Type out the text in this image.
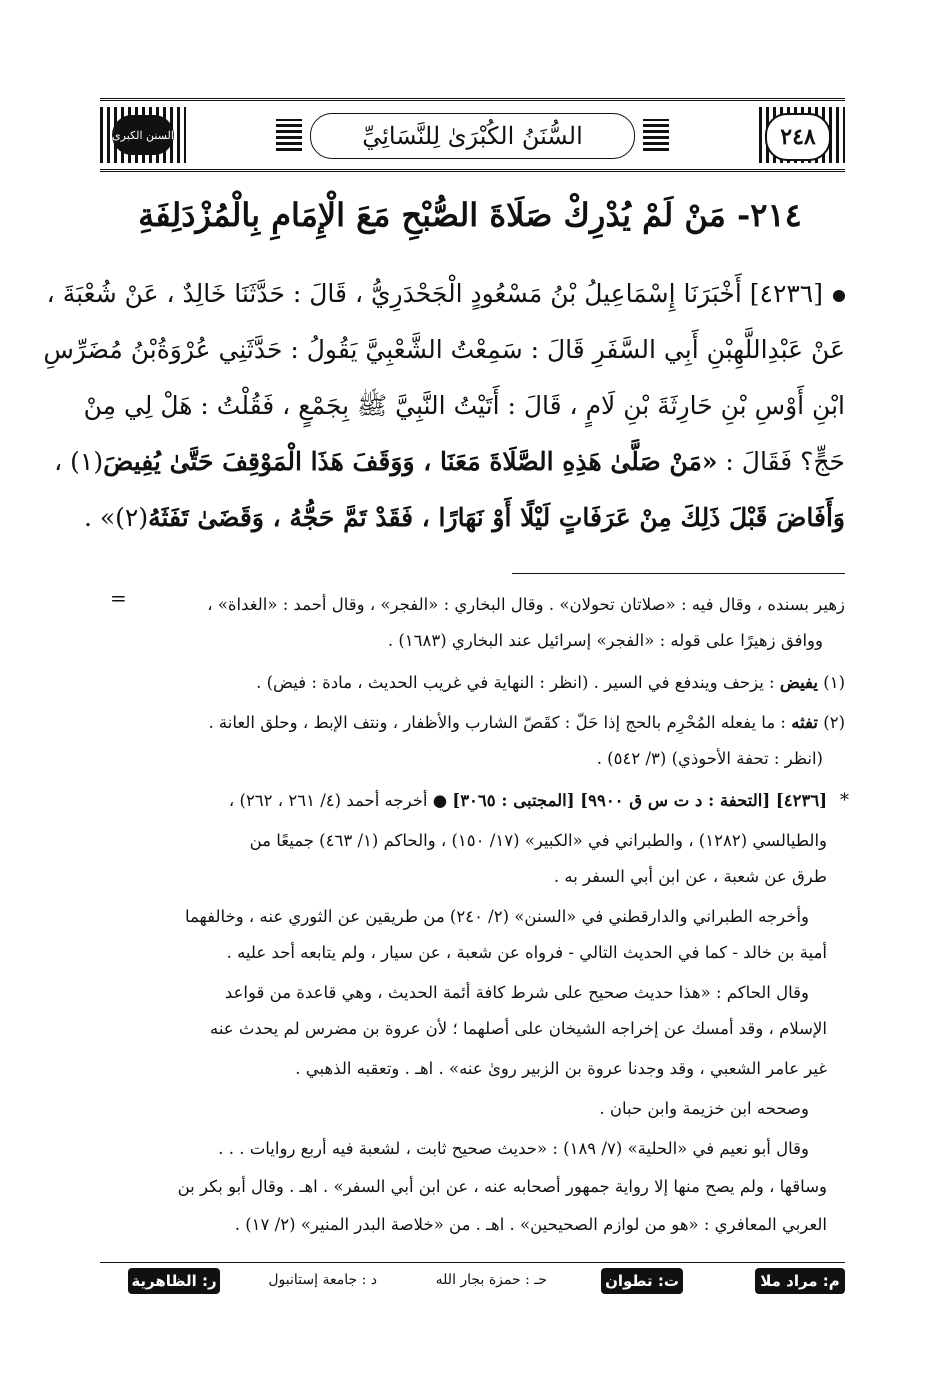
السنن الكبرى	٢٤٨
السُّنَنُ الكُبْرَىٰ لِلنَّسَائِيِّ
٢١٤- مَنْ لَمْ يُدْرِكْ صَلَاةَ الصُّبْحِ مَعَ الْإِمَامِ بِالْمُزْدَلِفَةِ
[٤٢٣٦] أَخْبَرَنَا إِسْمَاعِيلُ بْنُ مَسْعُودٍ الْجَحْدَرِيُّ ، قَالَ : حَدَّثَنَا خَالِدٌ ، عَنْ شُعْبَةَ ،
عَنْ عَبْدِاللَّهِبْنِ أَبِي السَّفَرِ قَالَ : سَمِعْتُ الشَّعْبِيَّ يَقُولُ : حَدَّثَنِي عُرْوَةُبْنُ مُضَرِّسِ
ابْنِ أَوْسِ بْنِ حَارِثَةَ بْنِ لَامٍ ، قَالَ : أَتَيْتُ النَّبِيَّ ﷺ بِجَمْعٍ ، فَقُلْتُ : هَلْ لِي مِنْ
حَجٍّ؟ فَقَالَ : «مَنْ صَلَّىٰ هَذِهِ الصَّلَاةَ مَعَنَا ، وَوَقَفَ هَذَا الْمَوْقِفَ حَتَّىٰ يُفِيضَ(١) ،
وَأَفَاضَ قَبْلَ ذَلِكَ مِنْ عَرَفَاتٍ لَيْلًا أَوْ نَهَارًا ، فَقَدْ تَمَّ حَجُّهُ ، وَقَضَىٰ تَفَثَهُ(٢)» .
=	زهير بسنده ، وقال فيه : «صلاتان تحولان» . وقال البخاري : «الفجر» ، وقال أحمد : «الغداة» ،
ووافق زهيرًا على قوله : «الفجر» إسرائيل عند البخاري (١٦٨٣) .
(١) يفيض : يزحف ويندفع في السير . (انظر : النهاية في غريب الحديث ، مادة : فيض) .
(٢) تفثه : ما يفعله المُحْرِم بالحج إذا حَلّ : كقَصّ الشارب والأظفار ، ونتف الإبط ، وحلق العانة .
(انظر : تحفة الأحوذي) (٣/ ٥٤٢) .
*
[٤٢٣٦] [التحفة : د ت س ق ٩٩٠٠] [المجتبى : ٣٠٦٥] ● أخرجه أحمد (٤/ ٢٦١ ، ٢٦٢) ،
والطيالسي (١٢٨٢) ، والطبراني في «الكبير» (١٧/ ١٥٠) ، والحاكم (١/ ٤٦٣) جميعًا من
طرق عن شعبة ، عن ابن أبي السفر به .
وأخرجه الطبراني والدارقطني في «السنن» (٢/ ٢٤٠) من طريقين عن الثوري عنه ، وخالفهما
أمية بن خالد - كما في الحديث التالي - فرواه عن شعبة ، عن سيار ، ولم يتابعه أحد عليه .
وقال الحاكم : «هذا حديث صحيح على شرط كافة أئمة الحديث ، وهي قاعدة من قواعد
الإسلام ، وقد أمسك عن إخراجه الشيخان على أصلهما ؛ لأن عروة بن مضرس لم يحدث عنه
غير عامر الشعبي ، وقد وجدنا عروة بن الزبير روىٰ عنه» . اهـ . وتعقبه الذهبي .
وصححه ابن خزيمة وابن حبان .
وقال أبو نعيم في «الحلية» (٧/ ١٨٩) : «حديث صحيح ثابت ، لشعبة فيه أربع روايات . . .
وساقها ، ولم يصح منها إلا رواية جمهور أصحابه عنه ، عن ابن أبي السفر» . اهـ . وقال أبو بكر بن
العربي المعافري : «هو من لوازم الصحيحين» . اهـ . من «خلاصة البدر المنير» (٢/ ١٧) .
م: مراد ملا
ت: تطوان
حـ : حمزة بجار الله
د : جامعة إستانبول
ر: الظاهرية
